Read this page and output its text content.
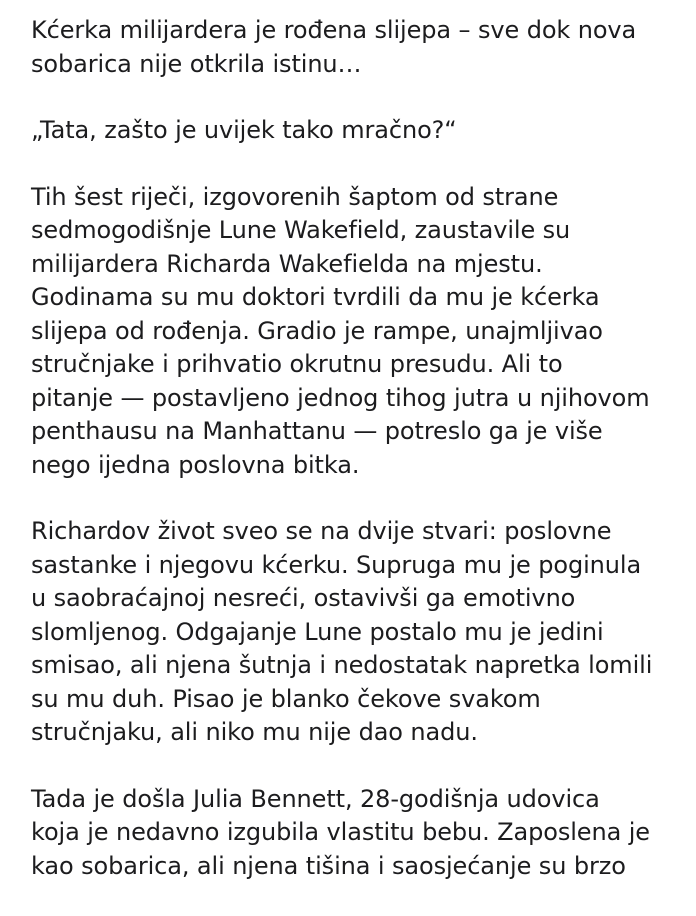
Kćerka milijardera je rođena slijepa – sve dok nova
sobarica nije otkrila istinu…

„Tata, zašto je uvijek tako mračno?“

Tih šest riječi, izgovorenih šaptom od strane
sedmogodišnje Lune Wakefield, zaustavile su
milijardera Richarda Wakefielda na mjestu.
Godinama su mu doktori tvrdili da mu je kćerka
slijepa od rođenja. Gradio je rampe, unajmljivao
stručnjake i prihvatio okrutnu presudu. Ali to
pitanje — postavljeno jednog tihog jutra u njihovom
penthausu na Manhattanu — potreslo ga je više
nego ijedna poslovna bitka.

Richardov život sveo se na dvije stvari: poslovne
sastanke i njegovu kćerku. Supruga mu je poginula
u saobraćajnoj nesreći, ostavivši ga emotivno
slomljenog. Odgajanje Lune postalo mu je jedini
smisao, ali njena šutnja i nedostatak napretka lomili
su mu duh. Pisao je blanko čekove svakom
stručnjaku, ali niko mu nije dao nadu.

Tada je došla Julia Bennett, 28-godišnja udovica
koja je nedavno izgubila vlastitu bebu. Zaposlena je
kao sobarica, ali njena tišina i saosjećanje su brzo
